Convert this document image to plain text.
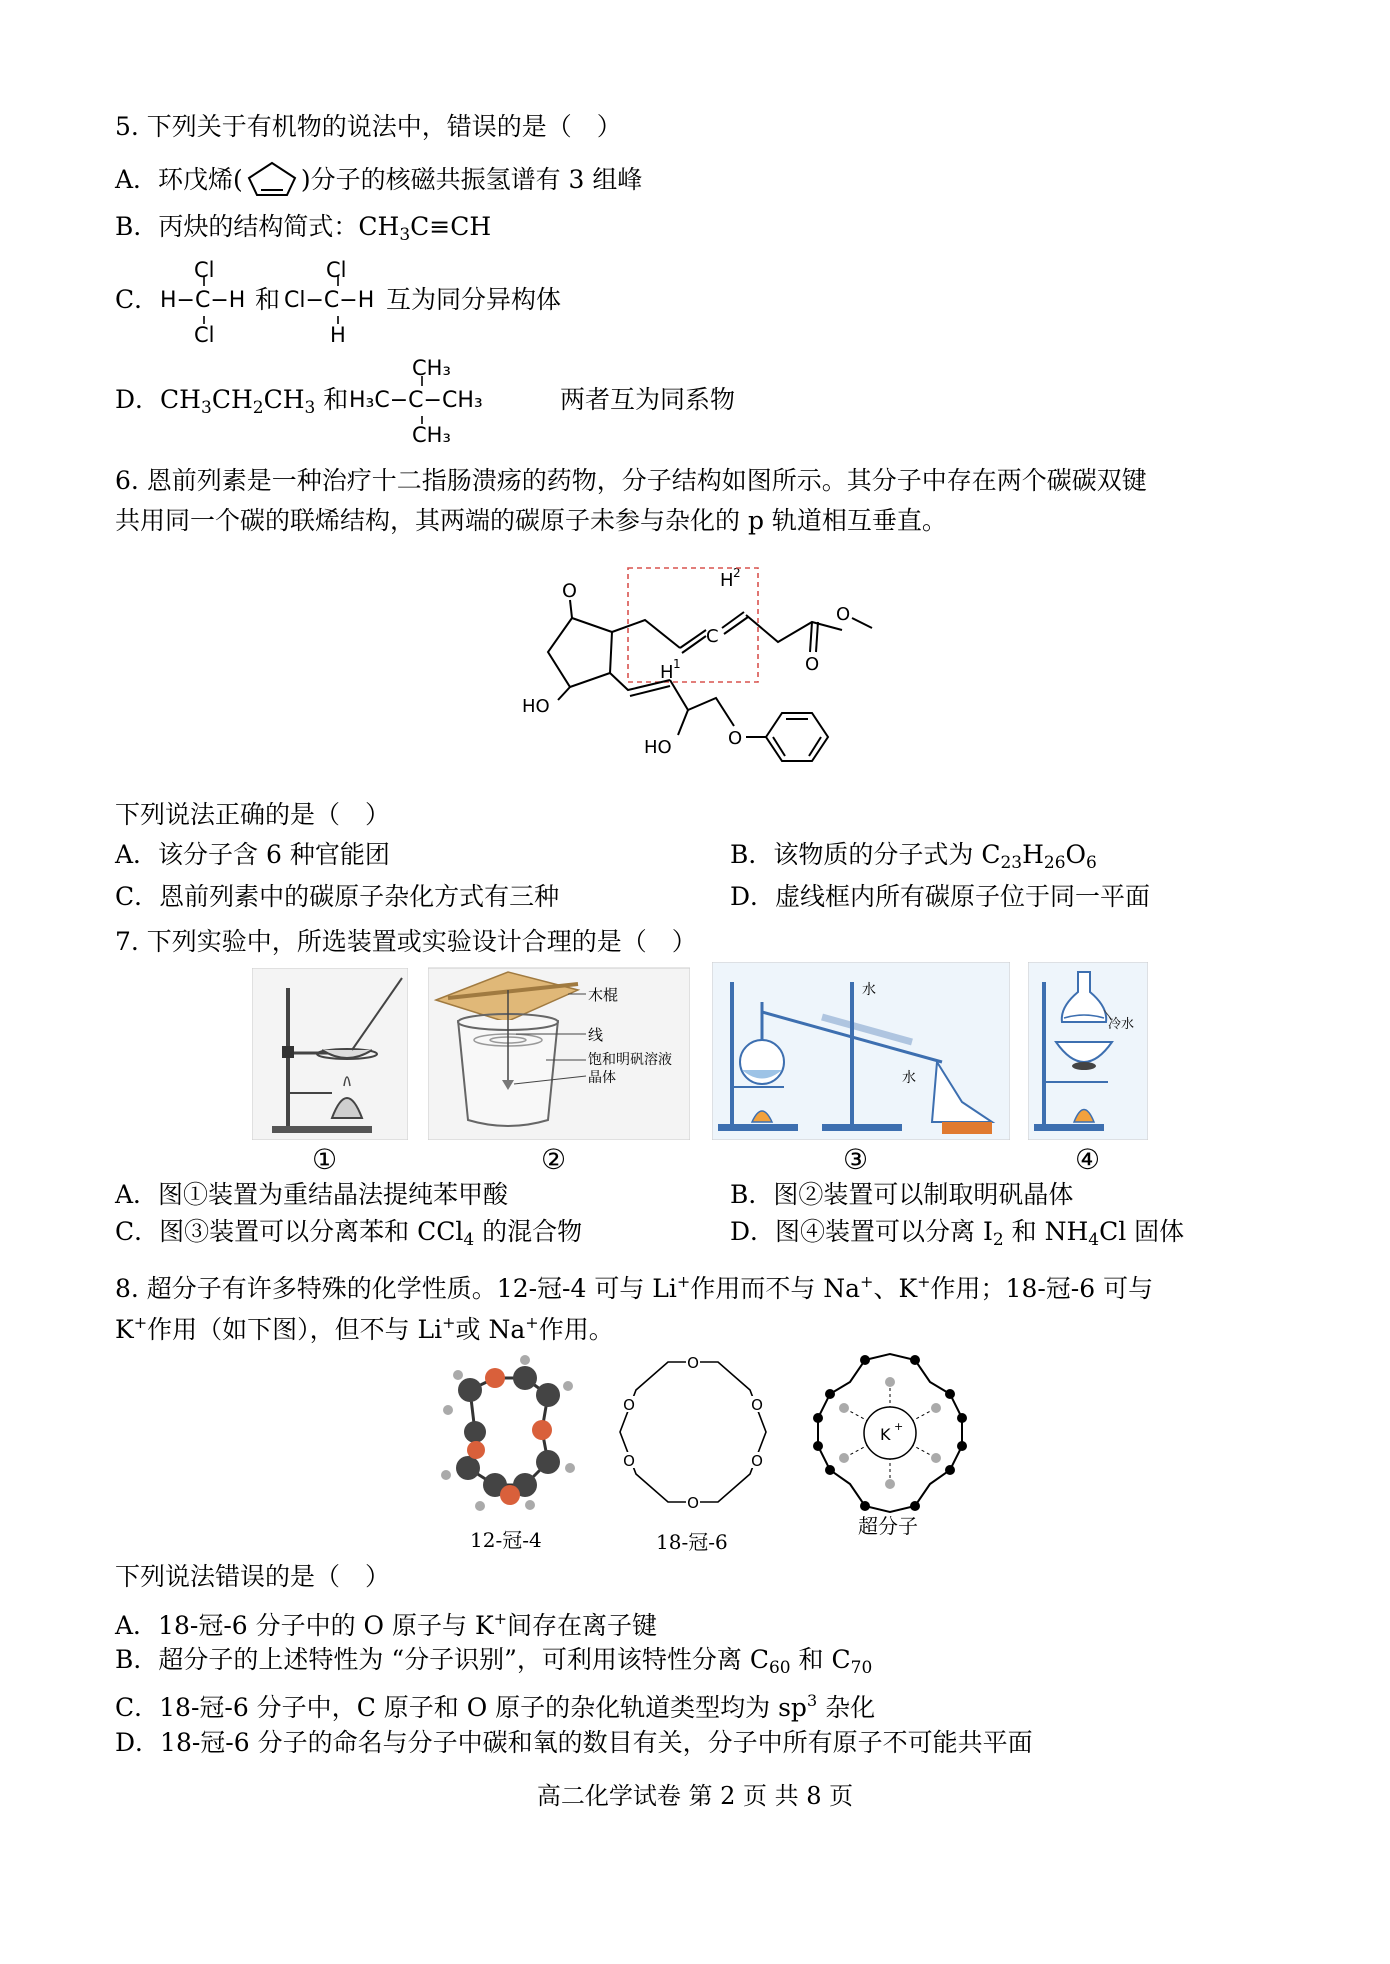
5. 下列关于有机物的说法中，错误的是（　）
A．环戊烯( )分子的核磁共振氢谱有 3 组峰
B．丙炔的结构简式：$CH_3C\equiv CH$
C．
Cl
H−C−H
Cl
和
Cl
Cl−C−H
H
互为同分异构体
D．$CH_3CH_2CH_3$ 和
CH₃
H₃C−C−CH₃
CH₃
两者互为同系物
6. 恩前列素是一种治疗十二指肠溃疡的药物，分子结构如图所示。其分子中存在两个碳碳双键
共用同一个碳的联烯结构，其两端的碳原子未参与杂化的 p 轨道相互垂直。
O
C
O
O
H 2
H 1
HO
HO	O
下列说法正确的是（　）
A．该分子含 6 种官能团	B．该物质的分子式为 $C_{23}H_{26}O_6$
C．恩前列素中的碳原子杂化方式有三种	D．虚线框内所有碳原子位于同一平面
7. 下列实验中，所选装置或实验设计合理的是（　）
木棍
线
饱和明矾溶液
晶体
水
水
冷水
①	②	③	④
A．图①装置为重结晶法提纯苯甲酸	B．图②装置可以制取明矾晶体
C．图③装置可以分离苯和 CCl$_4$ 的混合物	D．图④装置可以分离 $I_2$ 和 $NH_4Cl$ 固体
8. 超分子有许多特殊的化学性质。12-冠-4 可与 Li+作用而不与 Na+、K+作用；18-冠-6 可与
K+作用（如下图），但不与 Li+或 Na+作用。
O
O
O
O
O
O
K +
12-冠-4	18-冠-6
超分子
下列说法错误的是（　）
A．18-冠-6 分子中的 O 原子与 K+间存在离子键
B．超分子的上述特性为 “分子识别”，可利用该特性分离 $C_{60}$ 和 $C_{70}$
C．18-冠-6 分子中，C 原子和 O 原子的杂化轨道类型均为 $sp^3$ 杂化
D．18-冠-6 分子的命名与分子中碳和氧的数目有关，分子中所有原子不可能共平面
高二化学试卷 第 2 页 共 8 页
